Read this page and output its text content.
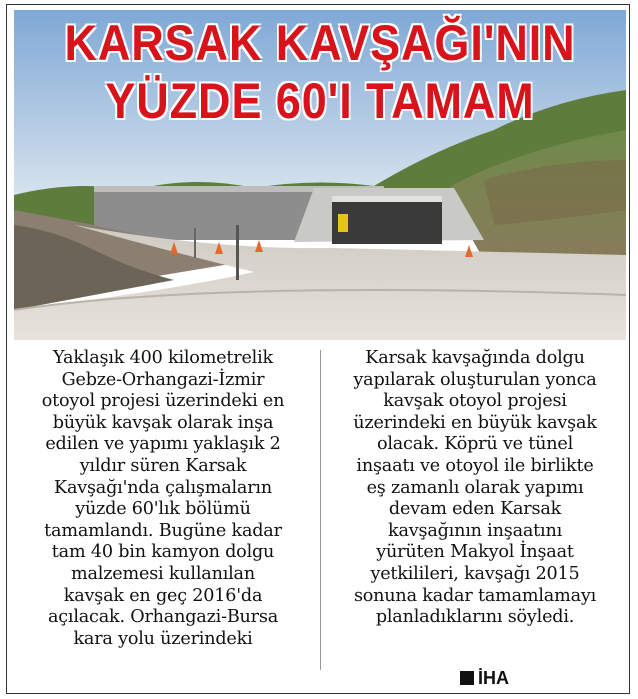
KARSAK KAVŞAĞI'NIN
YÜZDE 60'I TAMAM

Yaklaşık 400 kilometrelik

Gebze-Orhangazi-İzmir

otoyol projesi üzerindeki en

büyük kavşak olarak inşa

edilen ve yapımı yaklaşık 2

yıldır süren Karsak

Kavşağı'nda çalışmaların

yüzde 60'lık bölümü

tamamlandı. Bugüne kadar

tam 40 bin kamyon dolgu

malzemesi kullanılan

kavşak en geç 2016'da

açılacak. Orhangazi-Bursa

kara yolu üzerindeki

Karsak kavşağında dolgu

yapılarak oluşturulan yonca

kavşak otoyol projesi

üzerindeki en büyük kavşak

olacak. Köprü ve tünel

inşaatı ve otoyol ile birlikte

eş zamanlı olarak yapımı

devam eden Karsak

kavşağının inşaatını

yürüten Makyol İnşaat

yetkilileri, kavşağı 2015

sonuna kadar tamamlamayı

planladıklarını söyledi.

İHA
